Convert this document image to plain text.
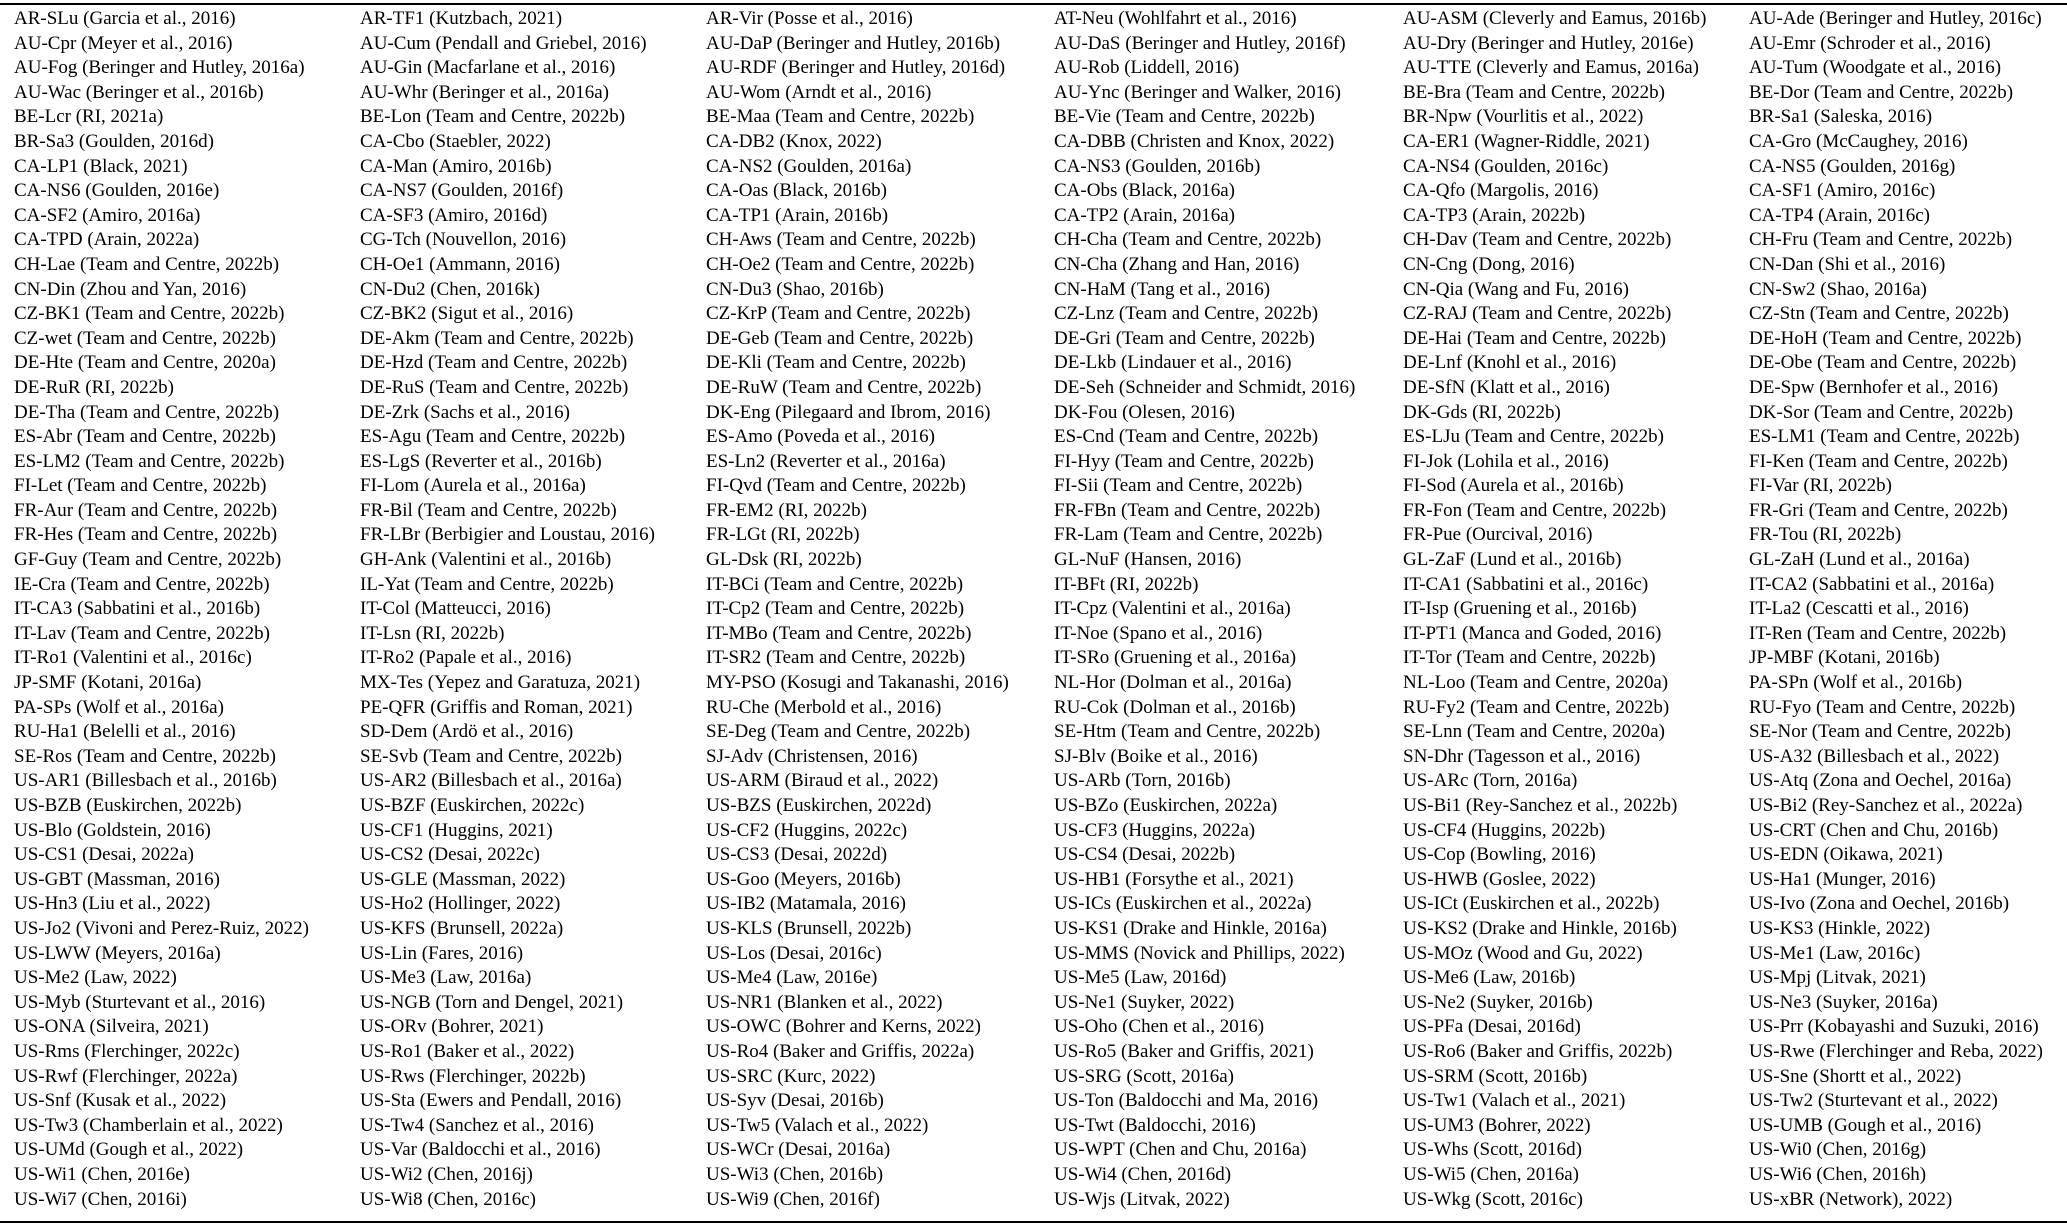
AR-SLu (Garcia et al., 2016)	AR-TF1 (Kutzbach, 2021)	AR-Vir (Posse et al., 2016)	AT-Neu (Wohlfahrt et al., 2016)	AU-ASM (Cleverly and Eamus, 2016b)	AU-Ade (Beringer and Hutley, 2016c)
AU-Cpr (Meyer et al., 2016)	AU-Cum (Pendall and Griebel, 2016)	AU-DaP (Beringer and Hutley, 2016b)	AU-DaS (Beringer and Hutley, 2016f)	AU-Dry (Beringer and Hutley, 2016e)	AU-Emr (Schroder et al., 2016)
AU-Fog (Beringer and Hutley, 2016a)	AU-Gin (Macfarlane et al., 2016)	AU-RDF (Beringer and Hutley, 2016d)	AU-Rob (Liddell, 2016)	AU-TTE (Cleverly and Eamus, 2016a)	AU-Tum (Woodgate et al., 2016)
AU-Wac (Beringer et al., 2016b)	AU-Whr (Beringer et al., 2016a)	AU-Wom (Arndt et al., 2016)	AU-Ync (Beringer and Walker, 2016)	BE-Bra (Team and Centre, 2022b)	BE-Dor (Team and Centre, 2022b)
BE-Lcr (RI, 2021a)	BE-Lon (Team and Centre, 2022b)	BE-Maa (Team and Centre, 2022b)	BE-Vie (Team and Centre, 2022b)	BR-Npw (Vourlitis et al., 2022)	BR-Sa1 (Saleska, 2016)
BR-Sa3 (Goulden, 2016d)	CA-Cbo (Staebler, 2022)	CA-DB2 (Knox, 2022)	CA-DBB (Christen and Knox, 2022)	CA-ER1 (Wagner-Riddle, 2021)	CA-Gro (McCaughey, 2016)
CA-LP1 (Black, 2021)	CA-Man (Amiro, 2016b)	CA-NS2 (Goulden, 2016a)	CA-NS3 (Goulden, 2016b)	CA-NS4 (Goulden, 2016c)	CA-NS5 (Goulden, 2016g)
CA-NS6 (Goulden, 2016e)	CA-NS7 (Goulden, 2016f)	CA-Oas (Black, 2016b)	CA-Obs (Black, 2016a)	CA-Qfo (Margolis, 2016)	CA-SF1 (Amiro, 2016c)
CA-SF2 (Amiro, 2016a)	CA-SF3 (Amiro, 2016d)	CA-TP1 (Arain, 2016b)	CA-TP2 (Arain, 2016a)	CA-TP3 (Arain, 2022b)	CA-TP4 (Arain, 2016c)
CA-TPD (Arain, 2022a)	CG-Tch (Nouvellon, 2016)	CH-Aws (Team and Centre, 2022b)	CH-Cha (Team and Centre, 2022b)	CH-Dav (Team and Centre, 2022b)	CH-Fru (Team and Centre, 2022b)
CH-Lae (Team and Centre, 2022b)	CH-Oe1 (Ammann, 2016)	CH-Oe2 (Team and Centre, 2022b)	CN-Cha (Zhang and Han, 2016)	CN-Cng (Dong, 2016)	CN-Dan (Shi et al., 2016)
CN-Din (Zhou and Yan, 2016)	CN-Du2 (Chen, 2016k)	CN-Du3 (Shao, 2016b)	CN-HaM (Tang et al., 2016)	CN-Qia (Wang and Fu, 2016)	CN-Sw2 (Shao, 2016a)
CZ-BK1 (Team and Centre, 2022b)	CZ-BK2 (Sigut et al., 2016)	CZ-KrP (Team and Centre, 2022b)	CZ-Lnz (Team and Centre, 2022b)	CZ-RAJ (Team and Centre, 2022b)	CZ-Stn (Team and Centre, 2022b)
CZ-wet (Team and Centre, 2022b)	DE-Akm (Team and Centre, 2022b)	DE-Geb (Team and Centre, 2022b)	DE-Gri (Team and Centre, 2022b)	DE-Hai (Team and Centre, 2022b)	DE-HoH (Team and Centre, 2022b)
DE-Hte (Team and Centre, 2020a)	DE-Hzd (Team and Centre, 2022b)	DE-Kli (Team and Centre, 2022b)	DE-Lkb (Lindauer et al., 2016)	DE-Lnf (Knohl et al., 2016)	DE-Obe (Team and Centre, 2022b)
DE-RuR (RI, 2022b)	DE-RuS (Team and Centre, 2022b)	DE-RuW (Team and Centre, 2022b)	DE-Seh (Schneider and Schmidt, 2016)	DE-SfN (Klatt et al., 2016)	DE-Spw (Bernhofer et al., 2016)
DE-Tha (Team and Centre, 2022b)	DE-Zrk (Sachs et al., 2016)	DK-Eng (Pilegaard and Ibrom, 2016)	DK-Fou (Olesen, 2016)	DK-Gds (RI, 2022b)	DK-Sor (Team and Centre, 2022b)
ES-Abr (Team and Centre, 2022b)	ES-Agu (Team and Centre, 2022b)	ES-Amo (Poveda et al., 2016)	ES-Cnd (Team and Centre, 2022b)	ES-LJu (Team and Centre, 2022b)	ES-LM1 (Team and Centre, 2022b)
ES-LM2 (Team and Centre, 2022b)	ES-LgS (Reverter et al., 2016b)	ES-Ln2 (Reverter et al., 2016a)	FI-Hyy (Team and Centre, 2022b)	FI-Jok (Lohila et al., 2016)	FI-Ken (Team and Centre, 2022b)
FI-Let (Team and Centre, 2022b)	FI-Lom (Aurela et al., 2016a)	FI-Qvd (Team and Centre, 2022b)	FI-Sii (Team and Centre, 2022b)	FI-Sod (Aurela et al., 2016b)	FI-Var (RI, 2022b)
FR-Aur (Team and Centre, 2022b)	FR-Bil (Team and Centre, 2022b)	FR-EM2 (RI, 2022b)	FR-FBn (Team and Centre, 2022b)	FR-Fon (Team and Centre, 2022b)	FR-Gri (Team and Centre, 2022b)
FR-Hes (Team and Centre, 2022b)	FR-LBr (Berbigier and Loustau, 2016)	FR-LGt (RI, 2022b)	FR-Lam (Team and Centre, 2022b)	FR-Pue (Ourcival, 2016)	FR-Tou (RI, 2022b)
GF-Guy (Team and Centre, 2022b)	GH-Ank (Valentini et al., 2016b)	GL-Dsk (RI, 2022b)	GL-NuF (Hansen, 2016)	GL-ZaF (Lund et al., 2016b)	GL-ZaH (Lund et al., 2016a)
IE-Cra (Team and Centre, 2022b)	IL-Yat (Team and Centre, 2022b)	IT-BCi (Team and Centre, 2022b)	IT-BFt (RI, 2022b)	IT-CA1 (Sabbatini et al., 2016c)	IT-CA2 (Sabbatini et al., 2016a)
IT-CA3 (Sabbatini et al., 2016b)	IT-Col (Matteucci, 2016)	IT-Cp2 (Team and Centre, 2022b)	IT-Cpz (Valentini et al., 2016a)	IT-Isp (Gruening et al., 2016b)	IT-La2 (Cescatti et al., 2016)
IT-Lav (Team and Centre, 2022b)	IT-Lsn (RI, 2022b)	IT-MBo (Team and Centre, 2022b)	IT-Noe (Spano et al., 2016)	IT-PT1 (Manca and Goded, 2016)	IT-Ren (Team and Centre, 2022b)
IT-Ro1 (Valentini et al., 2016c)	IT-Ro2 (Papale et al., 2016)	IT-SR2 (Team and Centre, 2022b)	IT-SRo (Gruening et al., 2016a)	IT-Tor (Team and Centre, 2022b)	JP-MBF (Kotani, 2016b)
JP-SMF (Kotani, 2016a)	MX-Tes (Yepez and Garatuza, 2021)	MY-PSO (Kosugi and Takanashi, 2016)	NL-Hor (Dolman et al., 2016a)	NL-Loo (Team and Centre, 2020a)	PA-SPn (Wolf et al., 2016b)
PA-SPs (Wolf et al., 2016a)	PE-QFR (Griffis and Roman, 2021)	RU-Che (Merbold et al., 2016)	RU-Cok (Dolman et al., 2016b)	RU-Fy2 (Team and Centre, 2022b)	RU-Fyo (Team and Centre, 2022b)
RU-Ha1 (Belelli et al., 2016)	SD-Dem (Ardö et al., 2016)	SE-Deg (Team and Centre, 2022b)	SE-Htm (Team and Centre, 2022b)	SE-Lnn (Team and Centre, 2020a)	SE-Nor (Team and Centre, 2022b)
SE-Ros (Team and Centre, 2022b)	SE-Svb (Team and Centre, 2022b)	SJ-Adv (Christensen, 2016)	SJ-Blv (Boike et al., 2016)	SN-Dhr (Tagesson et al., 2016)	US-A32 (Billesbach et al., 2022)
US-AR1 (Billesbach et al., 2016b)	US-AR2 (Billesbach et al., 2016a)	US-ARM (Biraud et al., 2022)	US-ARb (Torn, 2016b)	US-ARc (Torn, 2016a)	US-Atq (Zona and Oechel, 2016a)
US-BZB (Euskirchen, 2022b)	US-BZF (Euskirchen, 2022c)	US-BZS (Euskirchen, 2022d)	US-BZo (Euskirchen, 2022a)	US-Bi1 (Rey-Sanchez et al., 2022b)	US-Bi2 (Rey-Sanchez et al., 2022a)
US-Blo (Goldstein, 2016)	US-CF1 (Huggins, 2021)	US-CF2 (Huggins, 2022c)	US-CF3 (Huggins, 2022a)	US-CF4 (Huggins, 2022b)	US-CRT (Chen and Chu, 2016b)
US-CS1 (Desai, 2022a)	US-CS2 (Desai, 2022c)	US-CS3 (Desai, 2022d)	US-CS4 (Desai, 2022b)	US-Cop (Bowling, 2016)	US-EDN (Oikawa, 2021)
US-GBT (Massman, 2016)	US-GLE (Massman, 2022)	US-Goo (Meyers, 2016b)	US-HB1 (Forsythe et al., 2021)	US-HWB (Goslee, 2022)	US-Ha1 (Munger, 2016)
US-Hn3 (Liu et al., 2022)	US-Ho2 (Hollinger, 2022)	US-IB2 (Matamala, 2016)	US-ICs (Euskirchen et al., 2022a)	US-ICt (Euskirchen et al., 2022b)	US-Ivo (Zona and Oechel, 2016b)
US-Jo2 (Vivoni and Perez-Ruiz, 2022)	US-KFS (Brunsell, 2022a)	US-KLS (Brunsell, 2022b)	US-KS1 (Drake and Hinkle, 2016a)	US-KS2 (Drake and Hinkle, 2016b)	US-KS3 (Hinkle, 2022)
US-LWW (Meyers, 2016a)	US-Lin (Fares, 2016)	US-Los (Desai, 2016c)	US-MMS (Novick and Phillips, 2022)	US-MOz (Wood and Gu, 2022)	US-Me1 (Law, 2016c)
US-Me2 (Law, 2022)	US-Me3 (Law, 2016a)	US-Me4 (Law, 2016e)	US-Me5 (Law, 2016d)	US-Me6 (Law, 2016b)	US-Mpj (Litvak, 2021)
US-Myb (Sturtevant et al., 2016)	US-NGB (Torn and Dengel, 2021)	US-NR1 (Blanken et al., 2022)	US-Ne1 (Suyker, 2022)	US-Ne2 (Suyker, 2016b)	US-Ne3 (Suyker, 2016a)
US-ONA (Silveira, 2021)	US-ORv (Bohrer, 2021)	US-OWC (Bohrer and Kerns, 2022)	US-Oho (Chen et al., 2016)	US-PFa (Desai, 2016d)	US-Prr (Kobayashi and Suzuki, 2016)
US-Rms (Flerchinger, 2022c)	US-Ro1 (Baker et al., 2022)	US-Ro4 (Baker and Griffis, 2022a)	US-Ro5 (Baker and Griffis, 2021)	US-Ro6 (Baker and Griffis, 2022b)	US-Rwe (Flerchinger and Reba, 2022)
US-Rwf (Flerchinger, 2022a)	US-Rws (Flerchinger, 2022b)	US-SRC (Kurc, 2022)	US-SRG (Scott, 2016a)	US-SRM (Scott, 2016b)	US-Sne (Shortt et al., 2022)
US-Snf (Kusak et al., 2022)	US-Sta (Ewers and Pendall, 2016)	US-Syv (Desai, 2016b)	US-Ton (Baldocchi and Ma, 2016)	US-Tw1 (Valach et al., 2021)	US-Tw2 (Sturtevant et al., 2022)
US-Tw3 (Chamberlain et al., 2022)	US-Tw4 (Sanchez et al., 2016)	US-Tw5 (Valach et al., 2022)	US-Twt (Baldocchi, 2016)	US-UM3 (Bohrer, 2022)	US-UMB (Gough et al., 2016)
US-UMd (Gough et al., 2022)	US-Var (Baldocchi et al., 2016)	US-WCr (Desai, 2016a)	US-WPT (Chen and Chu, 2016a)	US-Whs (Scott, 2016d)	US-Wi0 (Chen, 2016g)
US-Wi1 (Chen, 2016e)	US-Wi2 (Chen, 2016j)	US-Wi3 (Chen, 2016b)	US-Wi4 (Chen, 2016d)	US-Wi5 (Chen, 2016a)	US-Wi6 (Chen, 2016h)
US-Wi7 (Chen, 2016i)	US-Wi8 (Chen, 2016c)	US-Wi9 (Chen, 2016f)	US-Wjs (Litvak, 2022)	US-Wkg (Scott, 2016c)	US-xBR (Network), 2022)
